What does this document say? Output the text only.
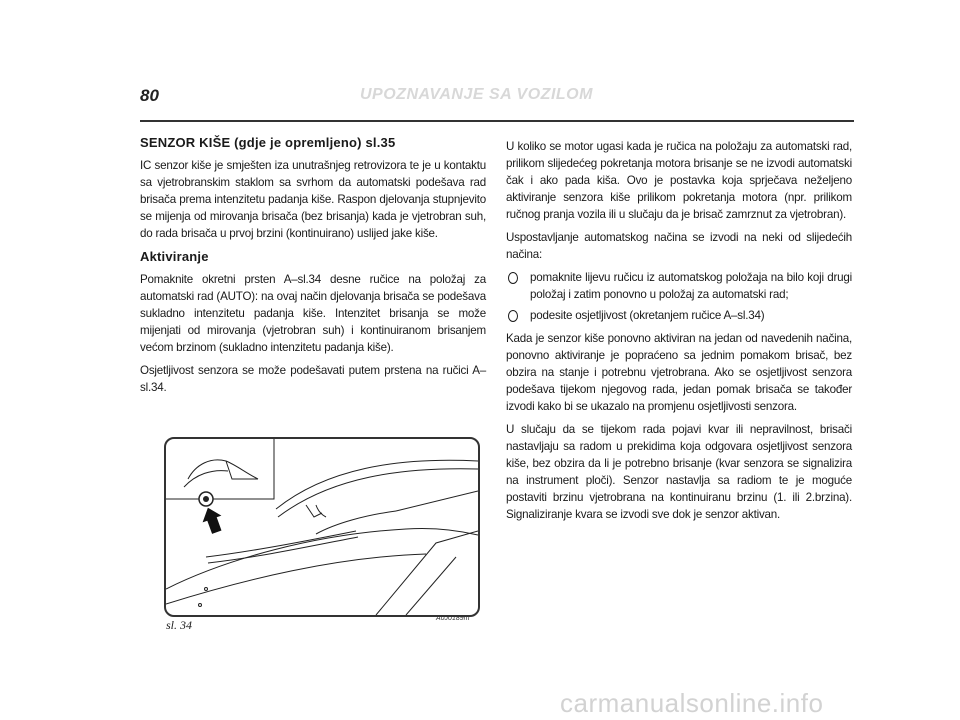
80	UPOZNAVANJE SA VOZILOM
SENZOR KIŠE (gdje je opremljeno) sl.35

IC senzor kiše je smješten iza unutrašnjeg retrovizora te je u kontaktu sa vjetrobranskim staklom sa svrhom da automatski podešava rad brisača prema intenzitetu padanja kiše. Raspon djelovanja stupnjevito se mijenja od mirovanja brisača (bez brisanja) kada je vjetrobran suh, do rada brisača u prvoj brzini (kontinuirano) uslijed jake kiše.

Aktiviranje

Pomaknite okretni prsten A–sl.34 desne ručice na položaj za automatski rad (AUTO): na ovaj način djelovanja brisača se podešava sukladno intenzitetu padanja kiše. Intenzitet brisanja se može mijenjati od mirovanja (vjetrobran suh) i kontinuiranom brisanjem većom brzinom (sukladno intenzitetu padanja kiše).

Osjetljivost senzora se može podešavati putem prstena na ručici A–sl.34.

A0J0189m
sl. 34

U koliko se motor ugasi kada je ručica na položaju za automatski rad, prilikom slijedećeg pokretanja motora brisanje se ne izvodi automatski čak i ako pada kiša. Ovo je postavka koja sprječava neželjeno aktiviranje senzora kiše prilikom pokretanja motora (npr. prilikom ručnog pranja vozila ili u slučaju da je brisač zamrznut za vjetrobran).

Uspostavljanje automatskog načina se izvodi na neki od slijedećih načina:

pomaknite lijevu ručicu iz automatskog položaja na bilo koji drugi položaj i zatim ponovno u položaj za automatski rad;
podesite osjetljivost (okretanjem ručice A–sl.34)

Kada je senzor kiše ponovno aktiviran na jedan od navedenih načina, ponovno aktiviranje je popraćeno sa jednim pomakom brisač, bez obzira na stanje i potrebnu vjetrobrana. Ako se osjetljivost senzora podešava tijekom njegovog rada, jedan pomak brisača se također izvodi kako bi se ukazalo na promjenu osjetljivosti senzora.

U slučaju da se tijekom rada pojavi kvar ili nepravilnost, brisači nastavljaju sa radom u prekidima koja odgovara osjetljivost senzora kiše, bez obzira da li je potrebno brisanje (kvar senzora se signalizira na instrument ploči). Senzor nastavlja sa radiom te je moguće postaviti brzinu vjetrobrana na kontinuiranu brzinu (1. ili 2.brzina). Signaliziranje kvara se izvodi sve dok je senzor aktivan.

carmanualsonline.info
